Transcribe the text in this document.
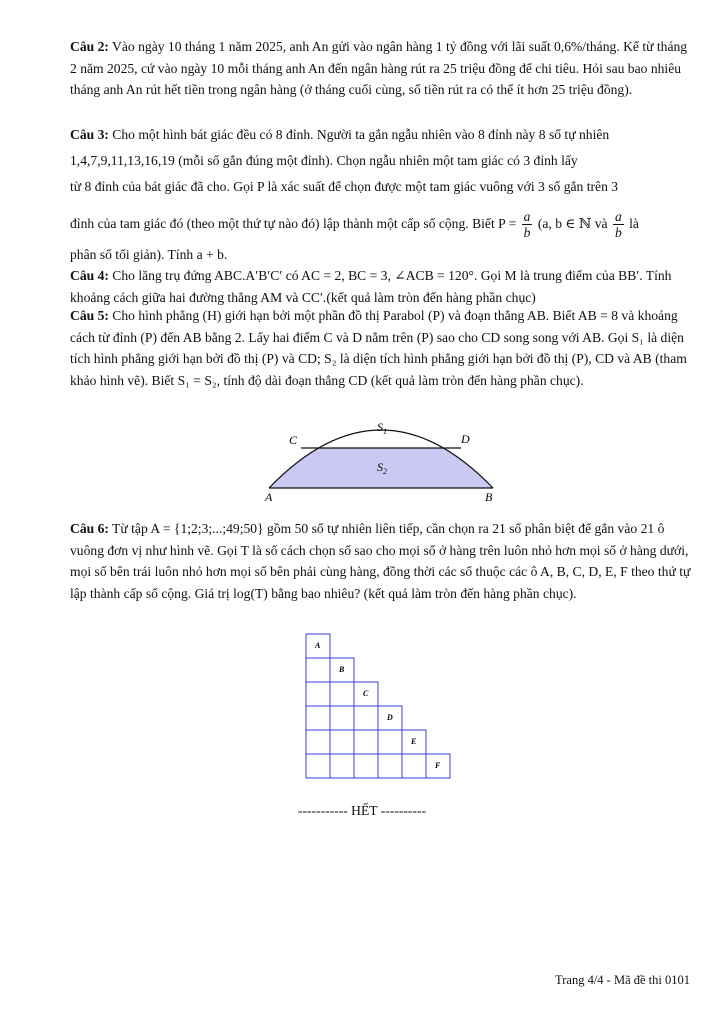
Câu 2: Vào ngày 10 tháng 1 năm 2025, anh An gửi vào ngân hàng 1 tỷ đồng với lãi suất 0,6%/tháng. Kể từ tháng 2 năm 2025, cứ vào ngày 10 mỗi tháng anh An đến ngân hàng rút ra 25 triệu đồng để chi tiêu. Hỏi sau bao nhiêu tháng anh An rút hết tiền trong ngân hàng (ở tháng cuối cùng, số tiền rút ra có thể ít hơn 25 triệu đồng).

Câu 3: Cho một hình bát giác đều có 8 đỉnh. Người ta gắn ngẫu nhiên vào 8 đỉnh này 8 số tự nhiên

1,4,7,9,11,13,16,19 (mỗi số gắn đúng một đỉnh). Chọn ngẫu nhiên một tam giác có 3 đỉnh lấy

từ 8 đỉnh của bát giác đã cho. Gọi P là xác suất để chọn được một tam giác vuông với 3 số gắn trên 3

đỉnh của tam giác đó (theo một thứ tự nào đó) lập thành một cấp số cộng. Biết $P = \frac{a}{b} (a$, b ∈ ℕ và $\frac{a}{b}$ là

phân số tối giản). Tính a + b.

Câu 4: Cho lăng trụ đứng ABC.A′B′C′ có AC = 2, BC = 3, ∠ACB = 120°. Gọi M là trung điểm của BB′. Tính khoảng cách giữa hai đường thẳng AM và CC′.(kết quả làm tròn đến hàng phần chục)

Câu 5: Cho hình phẳng (H) giới hạn bởi một phần đồ thị Parabol (P) và đoạn thẳng AB. Biết AB = 8 và khoảng cách từ đỉnh (P) đến AB bằng 2. Lấy hai điểm C và D nằm trên (P) sao cho CD song song với AB. Gọi S₁ là diện tích hình phẳng giới hạn bởi đồ thị (P) và CD; S₂ là diện tích hình phẳng giới hạn bởi đồ thị (P), CD và AB (tham khảo hình vẽ). Biết S₁ = S₂, tính độ dài đoạn thẳng CD (kết quả làm tròn đến hàng phần chục).

C	D
A	B
$S_1$
$S_2$

Câu 6: Từ tập A = {1;2;3;...;49;50} gồm 50 số tự nhiên liên tiếp, cần chọn ra 21 số phân biệt để gắn vào 21 ô vuông đơn vị như hình vẽ. Gọi T là số cách chọn số sao cho mọi số ở hàng trên luôn nhỏ hơn mọi số ở hàng dưới, mọi số bên trái luôn nhỏ hơn mọi số bên phải cùng hàng, đồng thời các số thuộc các ô A, B, C, D, E, F theo thứ tự lập thành cấp số cộng. Giá trị log(T) bằng bao nhiêu? (kết quả làm tròn đến hàng phần chục).

A
B
C
D
E
F
----------- HẾT ----------
Trang 4/4 - Mã đề thi 0101
